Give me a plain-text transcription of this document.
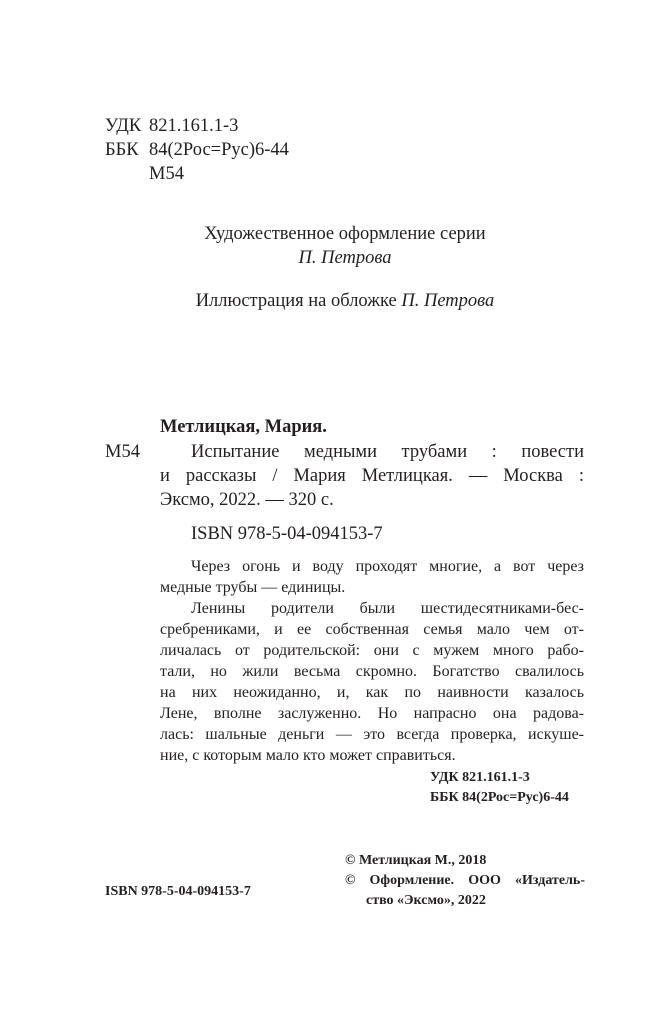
УДК 821.161.1-3
ББК 84(2Рос=Рус)6-44
М54
Художественное оформление серии
П. Петрова
Иллюстрация на обложке П. Петрова
Метлицкая, Мария.
М54	Испытание медными трубами : повести
и рассказы / Мария Метлицкая. — Москва :
Эксмо, 2022. — 320 с.
ISBN 978-5-04-094153-7
Через огонь и воду проходят многие, а вот через
медные трубы — единицы.
Ленины родители были шестидесятниками-бес-
сребрениками, и ее собственная семья мало чем от-
личалась от родительской: они с мужем много рабо-
тали, но жили весьма скромно. Богатство свалилось
на них неожиданно, и, как по наивности казалось
Лене, вполне заслуженно. Но напрасно она радова-
лась: шальные деньги — это всегда проверка, искуше-
ние, с которым мало кто может справиться.
УДК 821.161.1-3
ББК 84(2Рос=Рус)6-44
ISBN 978-5-04-094153-7
© Метлицкая М., 2018
© Оформление. ООО «Издатель-
ство «Эксмо», 2022
